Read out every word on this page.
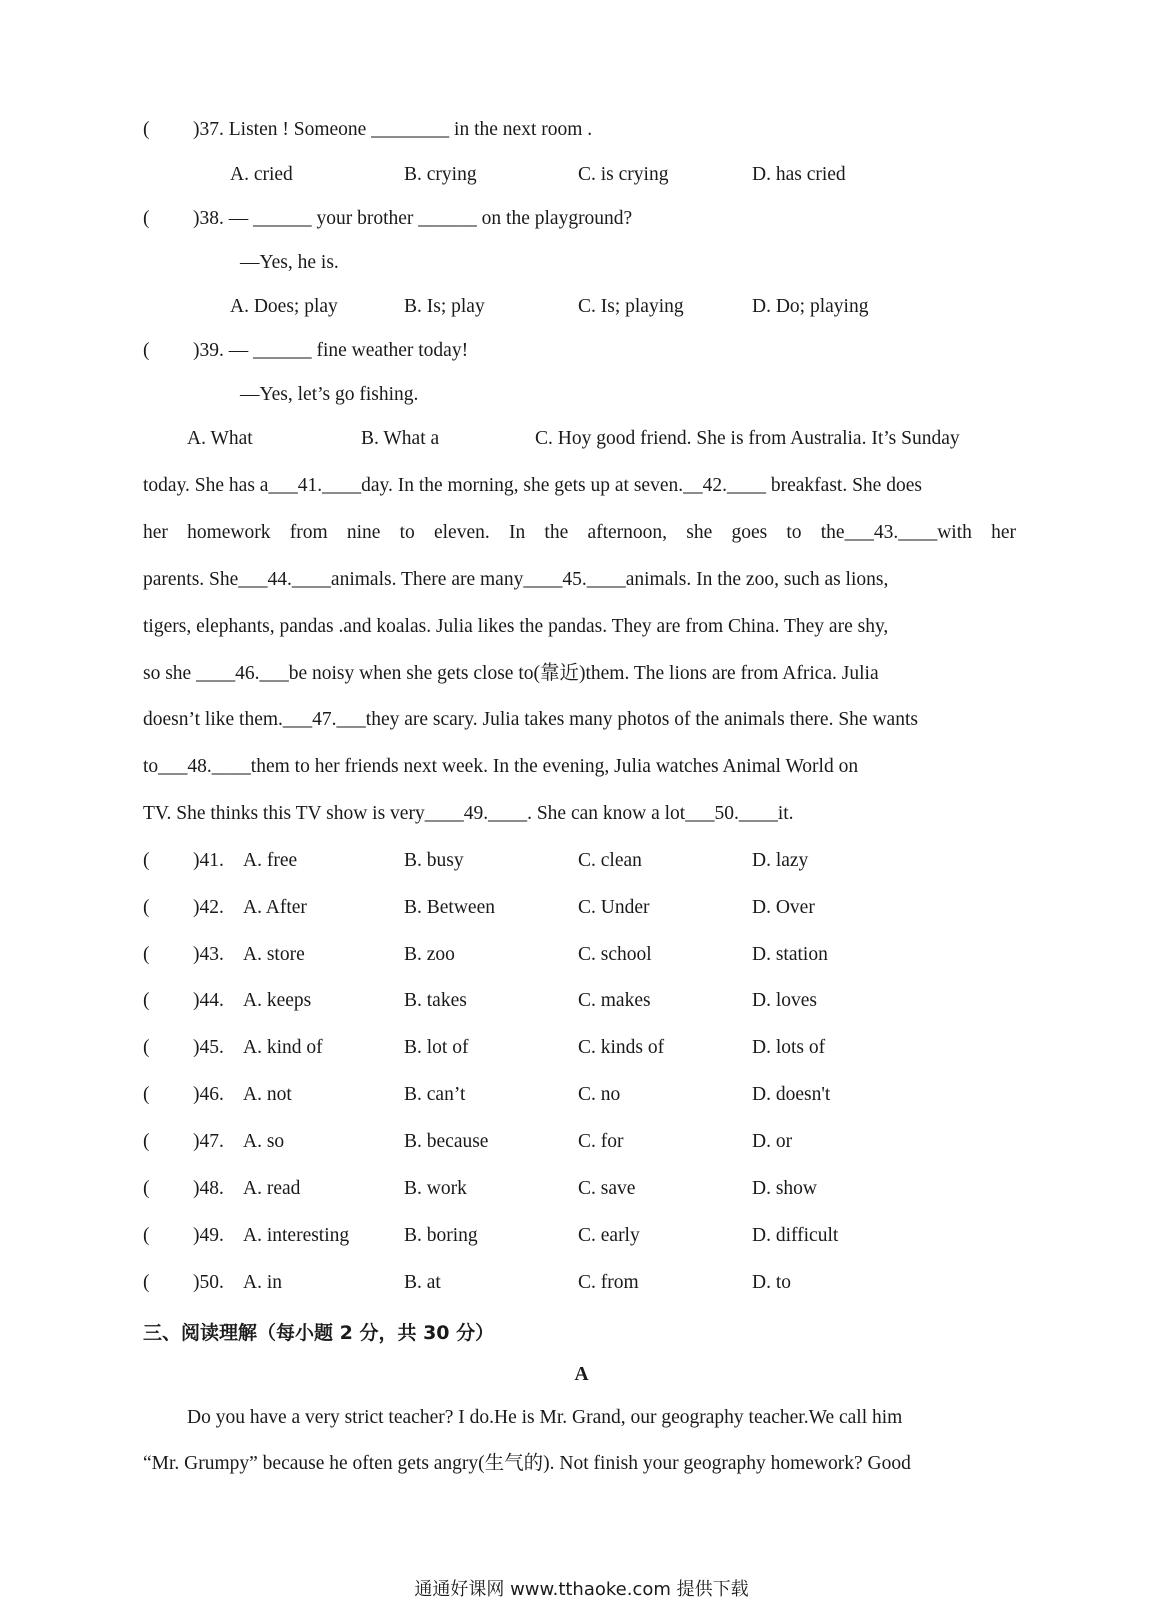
( )37. Listen ! Someone ________ in the next room .
A. cried	B. crying	C. is crying	D. has cried
( )38. — ______ your brother ______ on the playground?
—Yes, he is.
A. Does; play	B. Is; play	C. Is; playing	D. Do; playing
( )39. — ______ fine weather today!
—Yes, let’s go fishing.
A. What	B. What a	C. Hoy good friend. She is from Australia. It’s Sunday
today. She has a___41.____day. In the morning, she gets up at seven.__42.____ breakfast. She does
her homework from nine to eleven. In the afternoon, she goes to the___43.____with her
parents. She___44.____animals. There are many____45.____animals. In the zoo, such as lions,
tigers, elephants, pandas .and koalas. Julia likes the pandas. They are from China. They are shy,
so she ____46.___be noisy when she gets close to(靠近)them. The lions are from Africa. Julia
doesn’t like them.___47.___they are scary. Julia takes many photos of the animals there. She wants
to___48.____them to her friends next week. In the evening, Julia watches Animal World on
TV. She thinks this TV show is very____49.____. She can know a lot___50.____it.
( )41. A. free	B. busy	C. clean	D. lazy
( )42. A. After	B. Between	C. Under	D. Over
( )43. A. store	B. zoo	C. school	D. station
( )44. A. keeps	B. takes	C. makes	D. loves
( )45. A. kind of	B. lot of	C. kinds of	D. lots of
( )46. A. not	B. can’t	C. no	D. doesn't
( )47. A. so	B. because	C. for	D. or
( )48. A. read	B. work	C. save	D. show
( )49. A. interesting	B. boring	C. early	D. difficult
( )50. A. in	B. at	C. from	D. to
三、阅读理解（每小题 2 分，共 30 分）
A
Do you have a very strict teacher? I do.He is Mr. Grand, our geography teacher.We call him
“Mr. Grumpy” because he often gets angry(生气的). Not finish your geography homework? Good
通通好课网 www.tthaoke.com 提供下载
